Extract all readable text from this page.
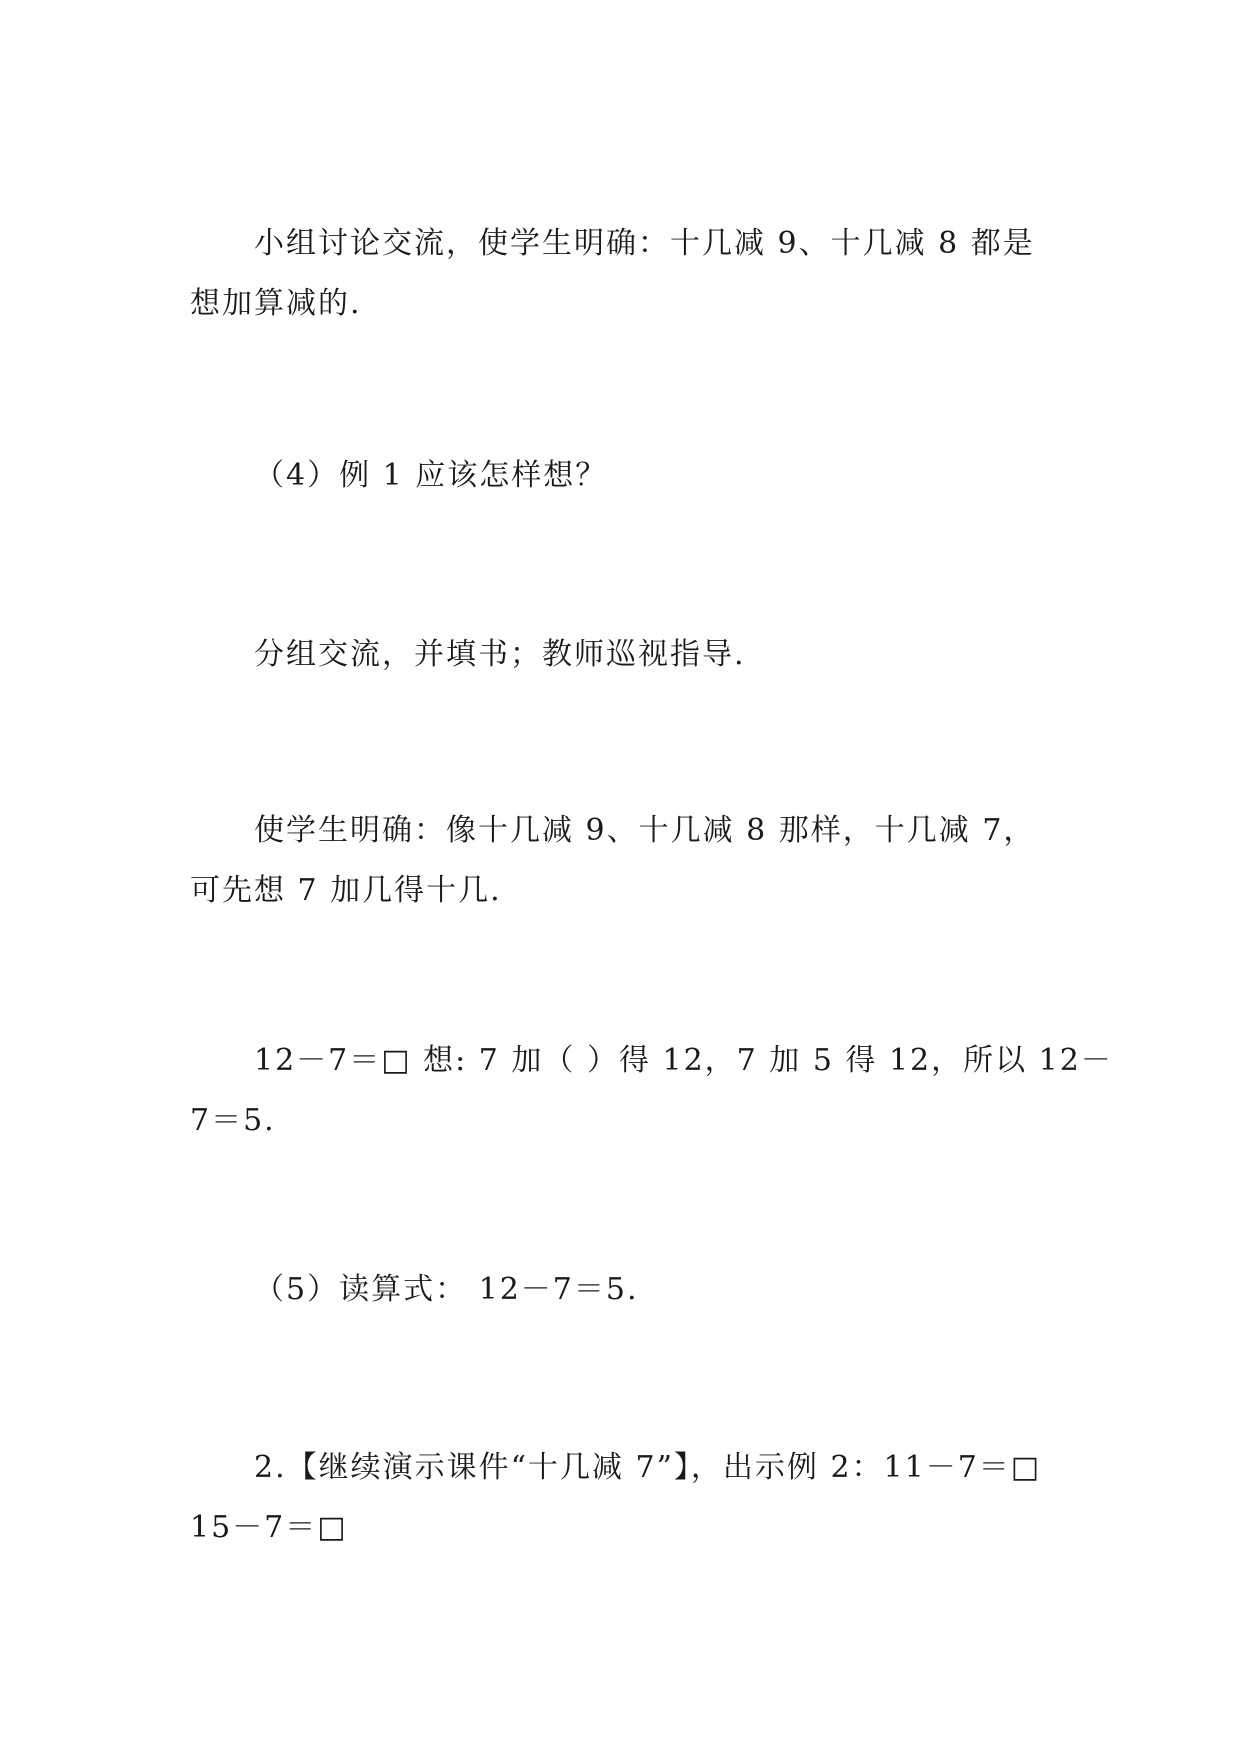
小组讨论交流，使学生明确：十几减 9、十几减 8 都是
想加算减的.

（4）例 1 应该怎样想？

分组交流，并填书；教师巡视指导.

使学生明确：像十几减 9、十几减 8 那样，十几减 7，
可先想 7 加几得十几.

12－7＝□ 想: 7 加（ ）得 12，7 加 5 得 12，所以 12－
7＝5.

（5）读算式： 12－7＝5.

2.【继续演示课件“十几减 7”】，出示例 2：11－7＝□
15－7＝□
